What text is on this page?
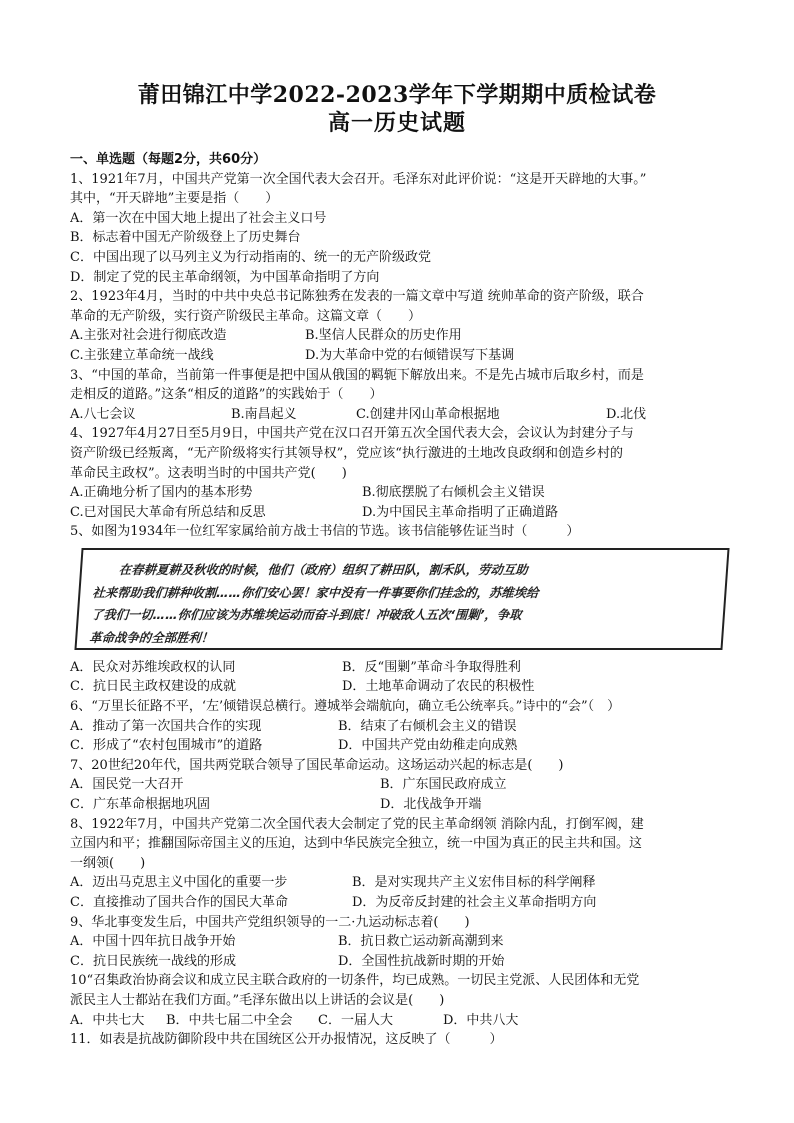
莆田锦江中学2022-2023学年下学期期中质检试卷
高一历史试题
一、单选题（每题2分，共60分）
1、1921年7月，中国共产党第一次全国代表大会召开。毛泽东对此评价说：“这是开天辟地的大事。”
其中，“开天辟地”主要是指（　　）
A．第一次在中国大地上提出了社会主义口号
B．标志着中国无产阶级登上了历史舞台
C．中国出现了以马列主义为行动指南的、统一的无产阶级政党
D．制定了党的民主革命纲领，为中国革命指明了方向
2、1923年4月，当时的中共中央总书记陈独秀在发表的一篇文章中写道 统帅革命的资产阶级，联合
革命的无产阶级，实行资产阶级民主革命。这篇文章（　　）
A.主张对社会进行彻底改造	B.坚信人民群众的历史作用
C.主张建立革命统一战线	D.为大革命中党的右倾错误写下基调
3、“中国的革命，当前第一件事便是把中国从俄国的羁轭下解放出来。不是先占城市后取乡村，而是
走相反的道路。”这条“相反的道路”的实践始于（　　）
A.八七会议	B.南昌起义	C.创建井冈山革命根据地	D.北伐
4、1927年4月27日至5月9日，中国共产党在汉口召开第五次全国代表大会，会议认为封建分子与
资产阶级已经叛离，“无产阶级将实行其领导权”，党应该“执行激进的土地改良政纲和创造乡村的
革命民主政权”。这表明当时的中国共产党(　　)
A.正确地分析了国内的基本形势	B.彻底摆脱了右倾机会主义错误
C.已对国民大革命有所总结和反思	D.为中国民主革命指明了正确道路
5、如图为1934年一位红军家属给前方战士书信的节选。该书信能够佐证当时（　　　）
在春耕夏耕及秋收的时候，他们（政府）组织了耕田队，割禾队，劳动互助
社来帮助我们耕种收割……你们安心罢！家中没有一件事要你们挂念的，苏维埃给
了我们一切……你们应该为苏维埃运动而奋斗到底！冲破敌人五次‘围剿’，争取
革命战争的全部胜利！
A．民众对苏维埃政权的认同	B．反“围剿”革命斗争取得胜利
C．抗日民主政权建设的成就	D．土地革命调动了农民的积极性
6、“万里长征路不平，‘左’倾错误总横行。遵城举会端航向，确立毛公统率兵。”诗中的“会”（　）
A．推动了第一次国共合作的实现	B．结束了右倾机会主义的错误
C．形成了“农村包围城市”的道路	D．中国共产党由幼稚走向成熟
7、20世纪20年代，国共两党联合领导了国民革命运动。这场运动兴起的标志是(　　)
A．国民党一大召开	B．广东国民政府成立
C．广东革命根据地巩固	D．北伐战争开端
8、1922年7月，中国共产党第二次全国代表大会制定了党的民主革命纲领 消除内乱，打倒军阀，建
立国内和平；推翻国际帝国主义的压迫，达到中华民族完全独立，统一中国为真正的民主共和国。这
一纲领(　　)
A．迈出马克思主义中国化的重要一步	B．是对实现共产主义宏伟目标的科学阐释
C．直接推动了国共合作的国民大革命	D．为反帝反封建的社会主义革命指明方向
9、华北事变发生后，中国共产党组织领导的一二·九运动标志着(　　)
A．中国十四年抗日战争开始	B．抗日救亡运动新高潮到来
C．抗日民族统一战线的形成	D．全国性抗战新时期的开始
10“召集政治协商会议和成立民主联合政府的一切条件，均已成熟。一切民主党派、人民团体和无党
派民主人士都站在我们方面。”毛泽东做出以上讲话的会议是(　　)
A．中共七大	B．中共七届二中全会	C．一届人大	D．中共八大
11．如表是抗战防御阶段中共在国统区公开办报情况，这反映了（　　　）
